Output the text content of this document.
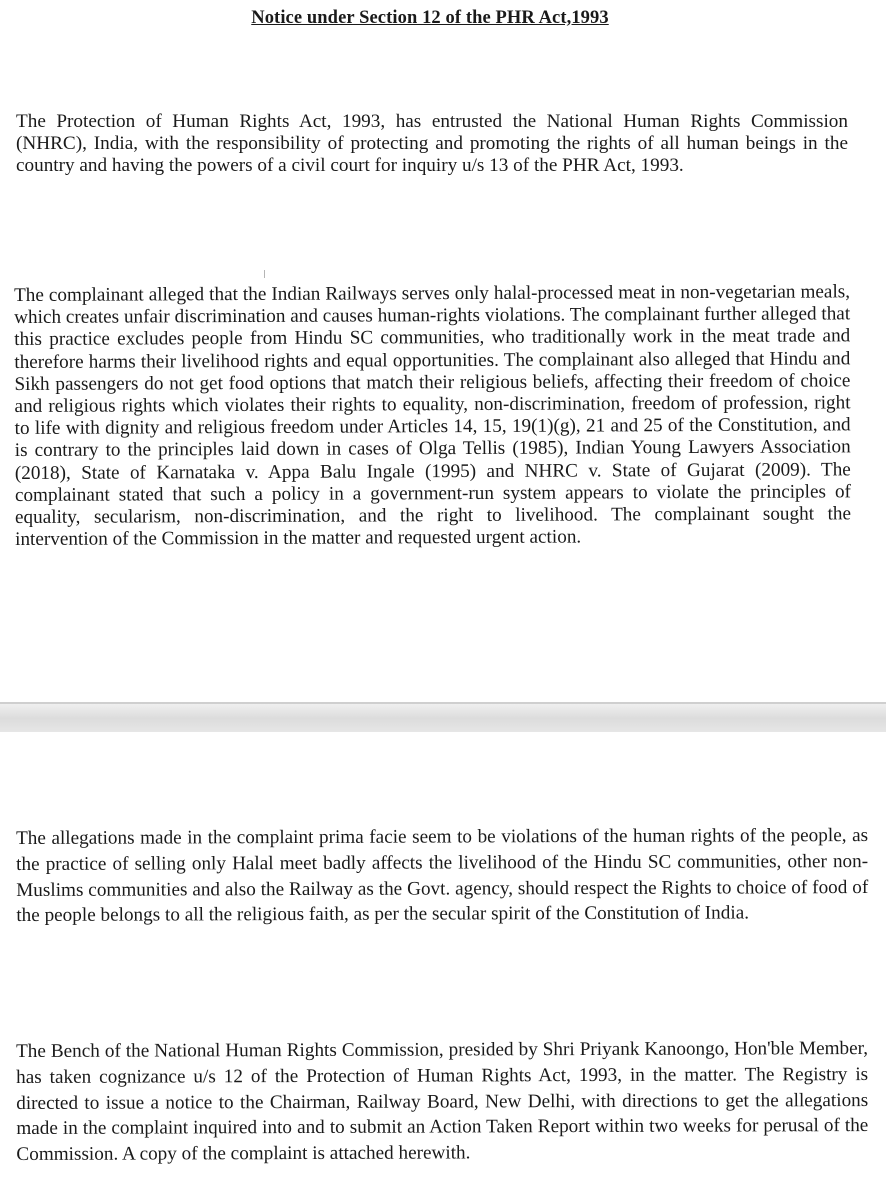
Notice under Section 12 of the PHR Act,1993

The Protection of Human Rights Act, 1993, has entrusted the National Human Rights Commission (NHRC), India, with the responsibility of protecting and promoting the rights of all human beings in the country and having the powers of a civil court for inquiry u/s 13 of the PHR Act, 1993.

The complainant alleged that the Indian Railways serves only halal-processed meat in non-vegetarian meals, which creates unfair discrimination and causes human-rights violations. The complainant further alleged that this practice excludes people from Hindu SC communities, who traditionally work in the meat trade and therefore harms their livelihood rights and equal opportunities. The complainant also alleged that Hindu and Sikh passengers do not get food options that match their religious beliefs, affecting their freedom of choice and religious rights which violates their rights to equality, non-discrimination, freedom of profession, right to life with dignity and religious freedom under Articles 14, 15, 19(1)(g), 21 and 25 of the Constitution, and is contrary to the principles laid down in cases of Olga Tellis (1985), Indian Young Lawyers Association (2018), State of Karnataka v. Appa Balu Ingale (1995) and NHRC v. State of Gujarat (2009). The complainant stated that such a policy in a government-run system appears to violate the principles of equality, secularism, non-discrimination, and the right to livelihood. The complainant sought the intervention of the Commission in the matter and requested urgent action.

The allegations made in the complaint prima facie seem to be violations of the human rights of the people, as the practice of selling only Halal meet badly affects the livelihood of the Hindu SC communities, other non-Muslims communities and also the Railway as the Govt. agency, should respect the Rights to choice of food of the people belongs to all the religious faith, as per the secular spirit of the Constitution of India.

The Bench of the National Human Rights Commission, presided by Shri Priyank Kanoongo, Hon'ble Member, has taken cognizance u/s 12 of the Protection of Human Rights Act, 1993, in the matter. The Registry is directed to issue a notice to the Chairman, Railway Board, New Delhi, with directions to get the allegations made in the complaint inquired into and to submit an Action Taken Report within two weeks for perusal of the Commission. A copy of the complaint is attached herewith.
